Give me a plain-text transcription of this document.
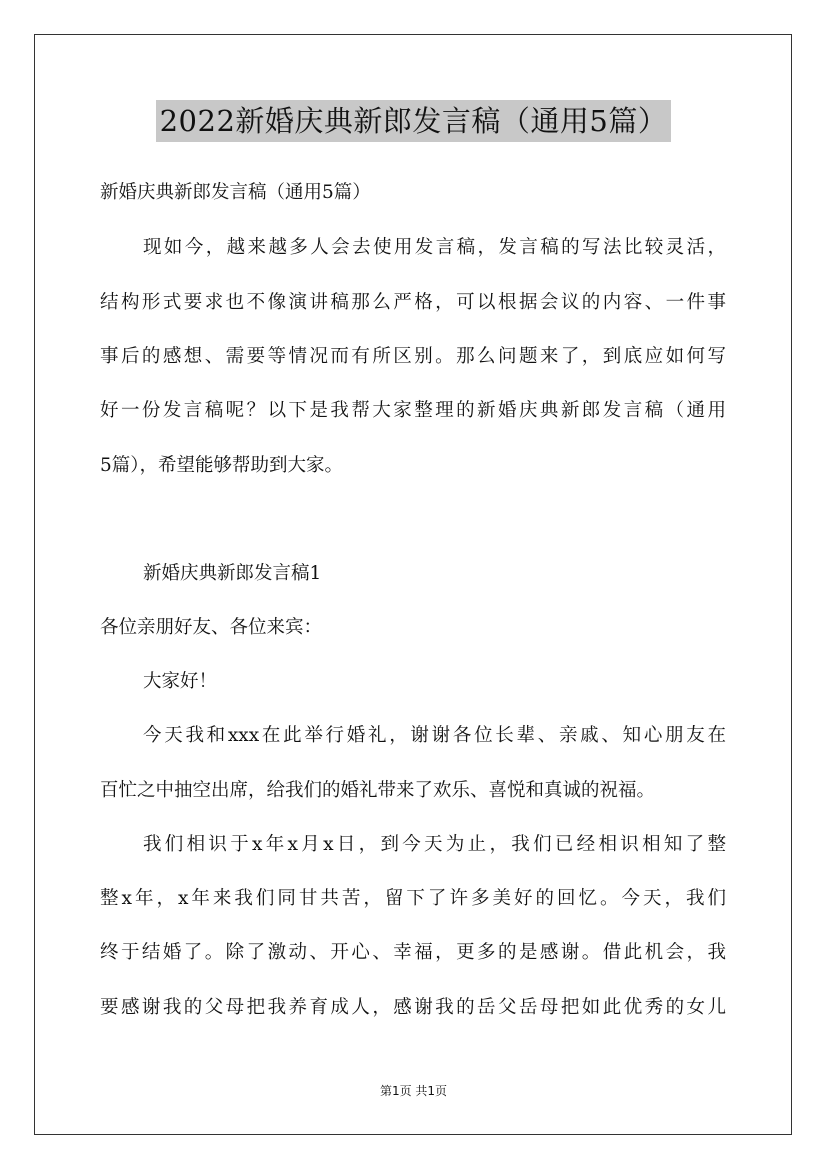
2022新婚庆典新郎发言稿（通用5篇）
新婚庆典新郎发言稿（通用5篇）
现如今，越来越多人会去使用发言稿，发言稿的写法比较灵活，
结构形式要求也不像演讲稿那么严格，可以根据会议的内容、一件事
事后的感想、需要等情况而有所区别。那么问题来了，到底应如何写
好一份发言稿呢？以下是我帮大家整理的新婚庆典新郎发言稿（通用
5篇），希望能够帮助到大家。
新婚庆典新郎发言稿1
各位亲朋好友、各位来宾：
大家好！
今天我和xxx在此举行婚礼，谢谢各位长辈、亲戚、知心朋友在
百忙之中抽空出席，给我们的婚礼带来了欢乐、喜悦和真诚的祝福。
我们相识于x年x月x日，到今天为止，我们已经相识相知了整
整x年，x年来我们同甘共苦，留下了许多美好的回忆。今天，我们
终于结婚了。除了激动、开心、幸福，更多的是感谢。借此机会，我
要感谢我的父母把我养育成人，感谢我的岳父岳母把如此优秀的女儿
第1页 共1页
